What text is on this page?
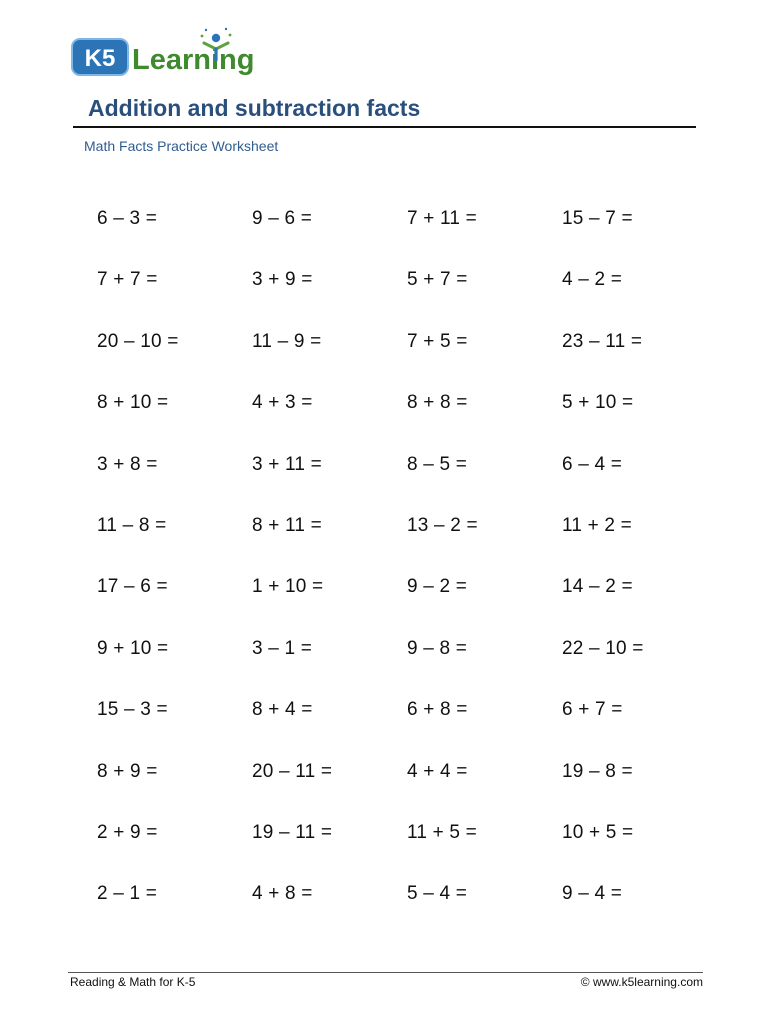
K5 Learning
Addition and subtraction facts
Math Facts Practice Worksheet
6 – 3 =	9 – 6 =	7 + 11 =	15 – 7 =
7 + 7 =	3 + 9 =	5 + 7 =	4 – 2 =
20 – 10 =	11 – 9 =	7 + 5 =	23 – 11 =
8 + 10 =	4 + 3 =	8 + 8 =	5 + 10 =
3 + 8 =	3 + 11 =	8 – 5 =	6 – 4 =
11 – 8 =	8 + 11 =	13 – 2 =	11 + 2 =
17 – 6 =	1 + 10 =	9 – 2 =	14 – 2 =
9 + 10 =	3 – 1 =	9 – 8 =	22 – 10 =
15 – 3 =	8 + 4 =	6 + 8 =	6 + 7 =
8 + 9 =	20 – 11 =	4 + 4 =	19 – 8 =
2 + 9 =	19 – 11 =	11 + 5 =	10 + 5 =
2 – 1 =	4 + 8 =	5 – 4 =	9 – 4 =
Reading & Math for K-5	© www.k5learning.com
